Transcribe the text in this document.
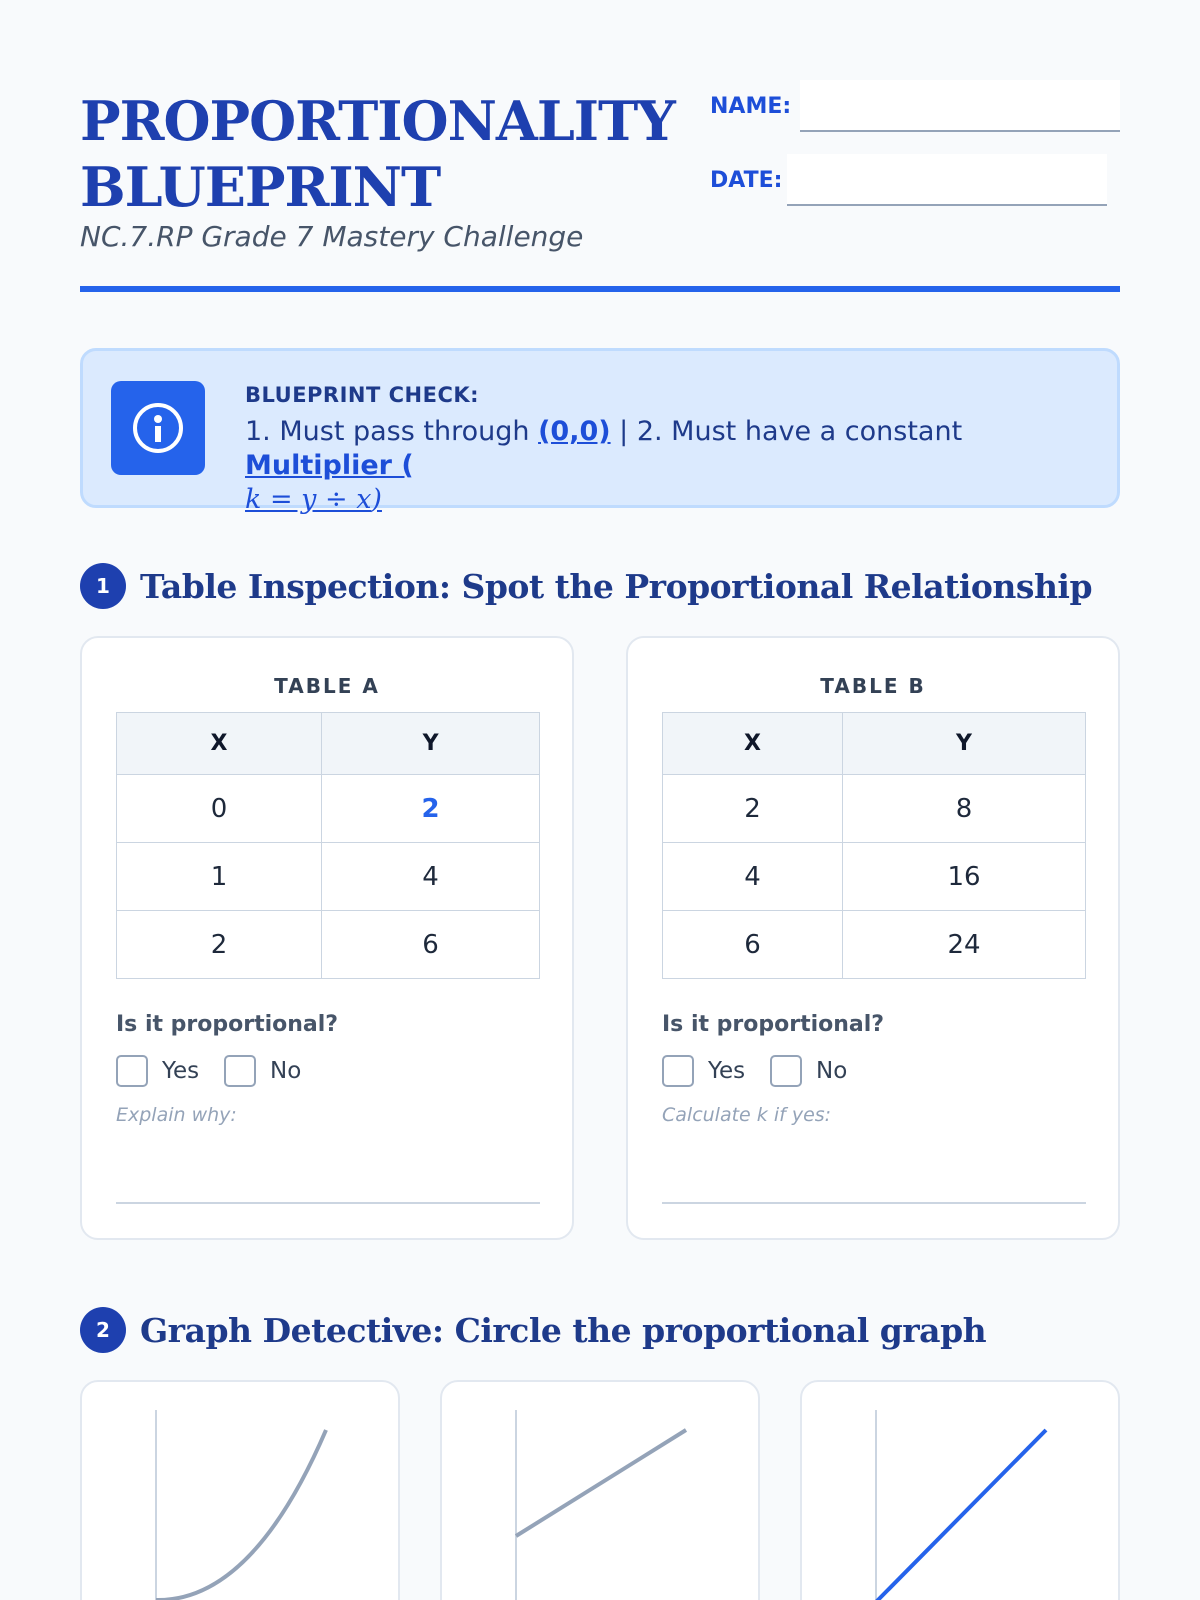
PROPORTIONALITY
BLUEPRINT
NC.7.RP Grade 7 Mastery Challenge
NAME:
DATE:
BLUEPRINT CHECK:
1. Must pass through (0,0) | 2. Must have a constant Multiplier (
k = y ÷ x)
1 Table Inspection: Spot the Proportional Relationship
TABLE A
X	Y
0	2
1	4
2	6
Is it proportional?
Yes	No
Explain why:
TABLE B
X	Y
2	8
4	16
6	24
Is it proportional?
Yes	No
Calculate k if yes:
2 Graph Detective: Circle the proportional graph
